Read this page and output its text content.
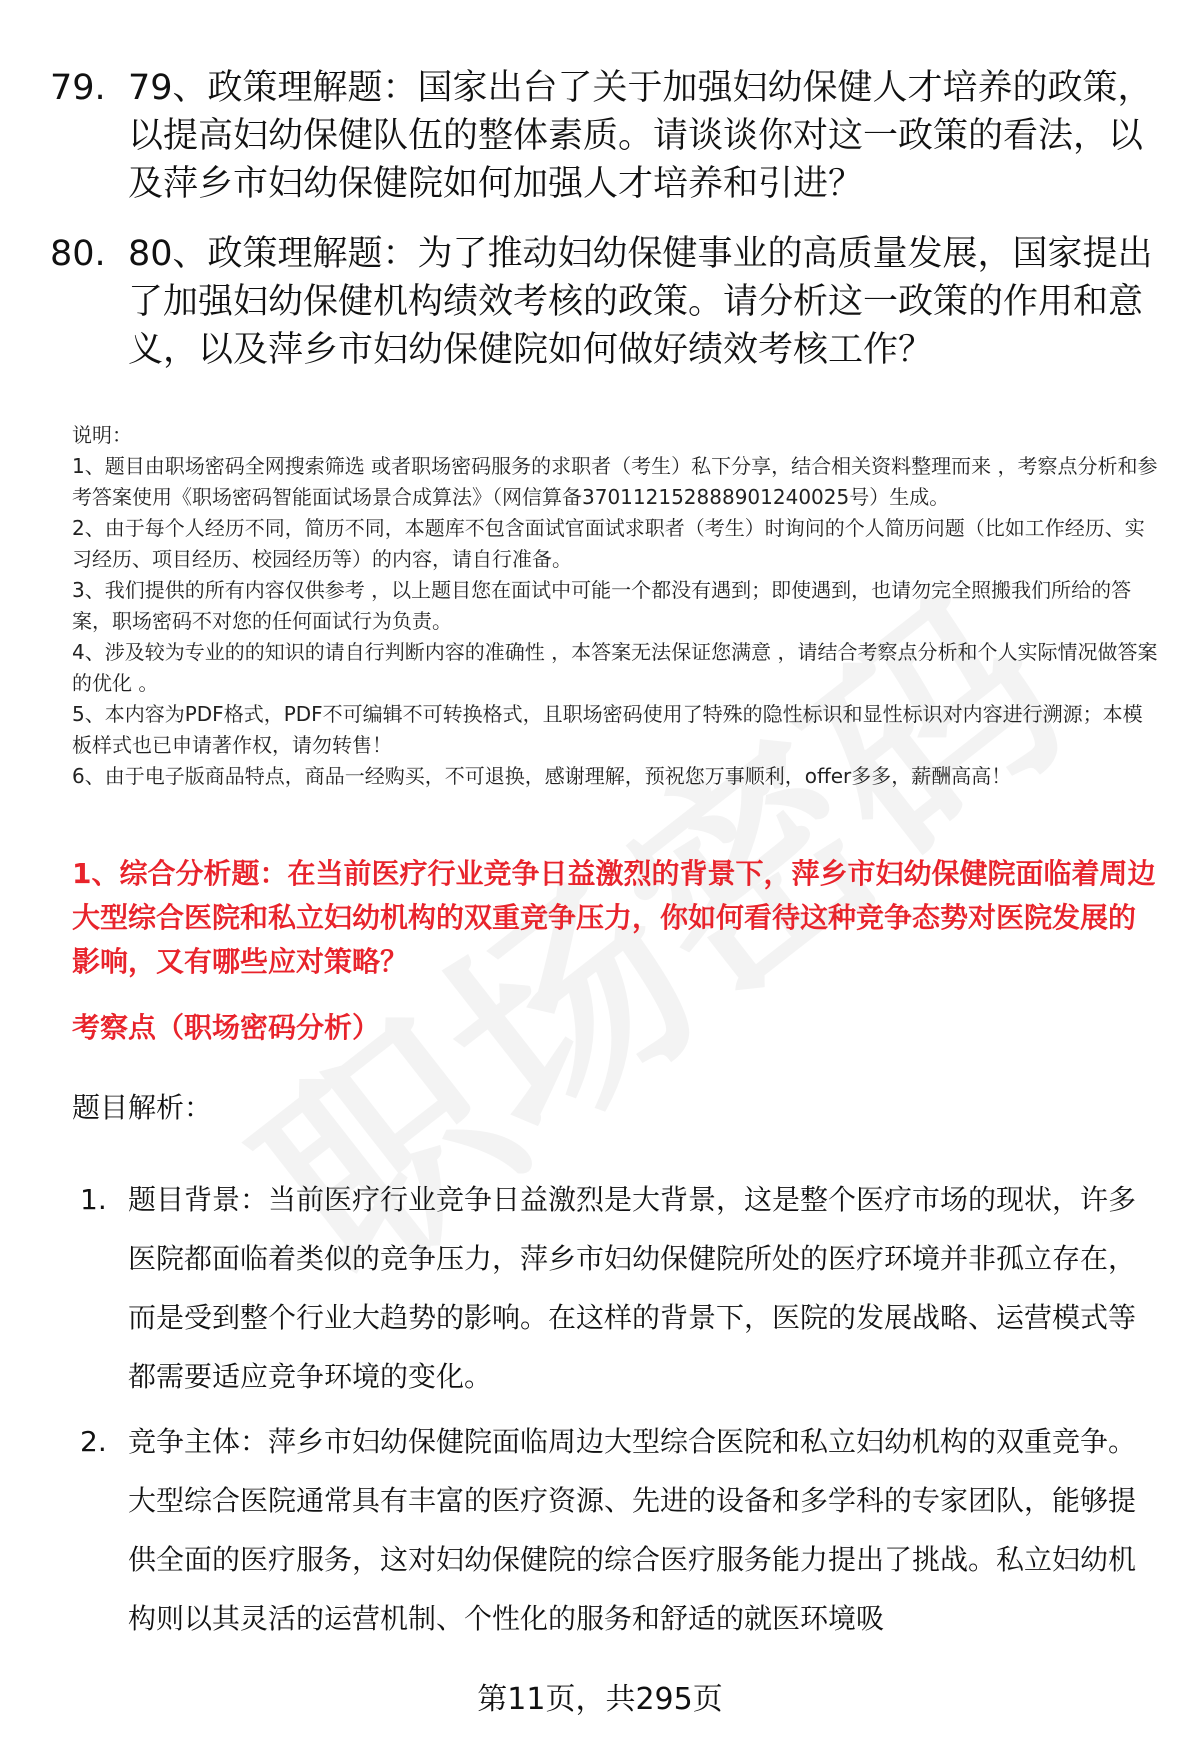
79. 79、政策理解题：国家出台了关于加强妇幼保健人才培养的政策，以提高妇幼保健队伍的整体素质。请谈谈你对这一政策的看法，以及萍乡市妇幼保健院如何加强人才培养和引进？
80. 80、政策理解题：为了推动妇幼保健事业的高质量发展，国家提出了加强妇幼保健机构绩效考核的政策。请分析这一政策的作用和意义，以及萍乡市妇幼保健院如何做好绩效考核工作？
说明：
1、题目由职场密码全网搜索筛选 或者职场密码服务的求职者（考生）私下分享，结合相关资料整理而来 ，考察点分析和参考答案使用《职场密码智能面试场景合成算法》（网信算备370112152888901240025号）生成。
2、由于每个人经历不同，简历不同，本题库不包含面试官面试求职者（考生）时询问的个人简历问题（比如工作经历、实习经历、项目经历、校园经历等）的内容，请自行准备。
3、我们提供的所有内容仅供参考 ，以上题目您在面试中可能一个都没有遇到；即使遇到，也请勿完全照搬我们所给的答案，职场密码不对您的任何面试行为负责。
4、涉及较为专业的的知识的请自行判断内容的准确性 ，本答案无法保证您满意 ，请结合考察点分析和个人实际情况做答案的优化 。
5、本内容为PDF格式，PDF不可编辑不可转换格式，且职场密码使用了特殊的隐性标识和显性标识对内容进行溯源；本模板样式也已申请著作权，请勿转售！
6、由于电子版商品特点，商品一经购买，不可退换，感谢理解，预祝您万事顺利，offer多多，薪酬高高！
1、综合分析题：在当前医疗行业竞争日益激烈的背景下，萍乡市妇幼保健院面临着周边大型综合医院和私立妇幼机构的双重竞争压力，你如何看待这种竞争态势对医院发展的影响，又有哪些应对策略？
考察点（职场密码分析）
题目解析：
1. 题目背景：当前医疗行业竞争日益激烈是大背景，这是整个医疗市场的现状，许多医院都面临着类似的竞争压力，萍乡市妇幼保健院所处的医疗环境并非孤立存在，而是受到整个行业大趋势的影响。在这样的背景下，医院的发展战略、运营模式等都需要适应竞争环境的变化。
2. 竞争主体：萍乡市妇幼保健院面临周边大型综合医院和私立妇幼机构的双重竞争。大型综合医院通常具有丰富的医疗资源、先进的设备和多学科的专家团队，能够提供全面的医疗服务，这对妇幼保健院的综合医疗服务能力提出了挑战。私立妇幼机构则以其灵活的运营机制、个性化的服务和舒适的就医环境吸
第11页，共295页
